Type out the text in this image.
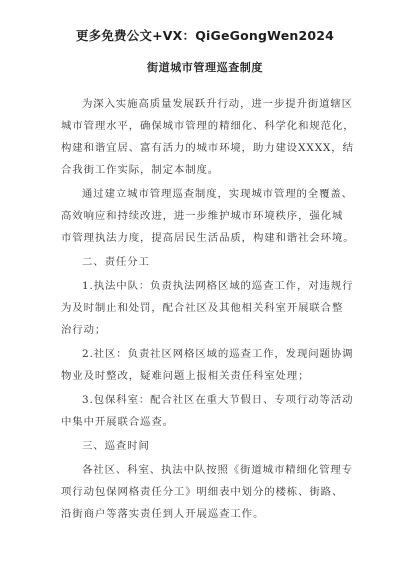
更多免费公文+VX：QiGeGongWen2024
街道城市管理巡查制度
为深入实施高质量发展跃升行动，进一步提升街道辖区
城市管理水平，确保城市管理的精细化、科学化和规范化，
构建和谐宜居、富有活力的城市环境，助力建设XXXX，结
合我街工作实际，制定本制度。
通过建立城市管理巡查制度，实现城市管理的全覆盖、
高效响应和持续改进，进一步维护城市环境秩序，强化城
市管理执法力度，提高居民生活品质，构建和谐社会环境。
二、责任分工
1.执法中队：负责执法网格区域的巡查工作，对违规行
为及时制止和处罚，配合社区及其他相关科室开展联合整
治行动；
2.社区：负责社区网格区域的巡查工作，发现问题协调
物业及时整改，疑难问题上报相关责任科室处理；
3.包保科室：配合社区在重大节假日、专项行动等活动
中集中开展联合巡查。
三、巡查时间
各社区、科室、执法中队按照《街道城市精细化管理专
项行动包保网格责任分工》明细表中划分的楼栋、街路、
沿街商户等落实责任到人开展巡查工作。
